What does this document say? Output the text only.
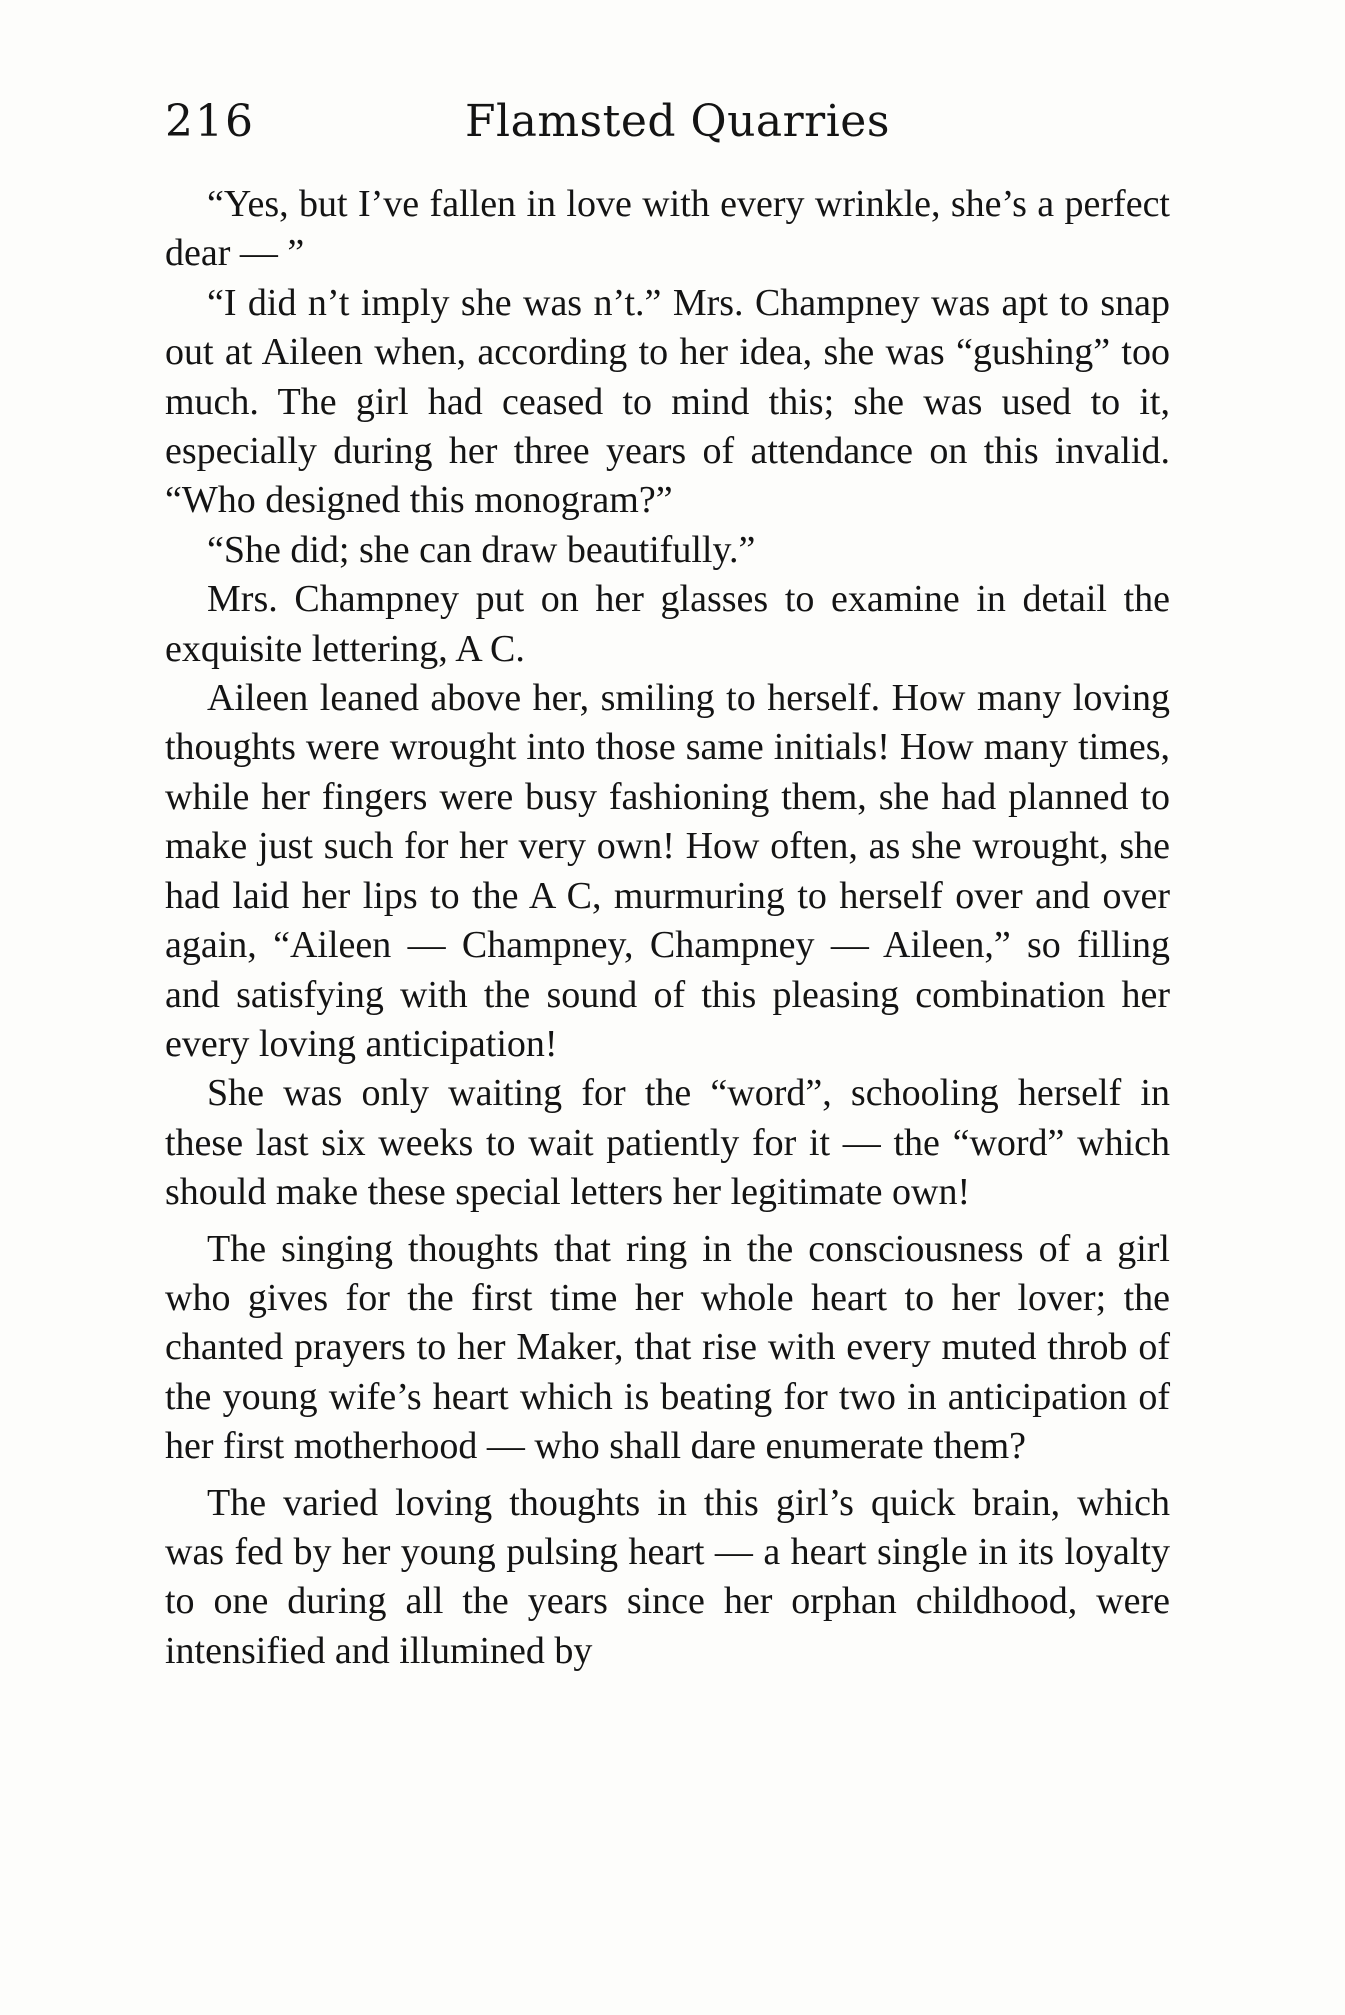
216	Flamsted Quarries

“Yes, but I’ve fallen in love with every wrinkle, she’s a perfect dear — ”

“I did n’t imply she was n’t.” Mrs. Champney was apt to snap out at Aileen when, according to her idea, she was “gushing” too much. The girl had ceased to mind this; she was used to it, especially during her three years of attendance on this invalid. “Who designed this monogram?”

“She did; she can draw beautifully.”

Mrs. Champney put on her glasses to examine in detail the exquisite lettering, A C.

Aileen leaned above her, smiling to herself. How many loving thoughts were wrought into those same initials! How many times, while her fingers were busy fashioning them, she had planned to make just such for her very own! How often, as she wrought, she had laid her lips to the A C, murmuring to herself over and over again, “Aileen — Champney, Champney — Aileen,” so filling and satisfying with the sound of this pleasing combination her every loving anticipation!

She was only waiting for the “word”, schooling herself in these last six weeks to wait patiently for it — the “word” which should make these special letters her legitimate own!

The singing thoughts that ring in the consciousness of a girl who gives for the first time her whole heart to her lover; the chanted prayers to her Maker, that rise with every muted throb of the young wife’s heart which is beating for two in anticipation of her first motherhood — who shall dare enumerate them?

The varied loving thoughts in this girl’s quick brain, which was fed by her young pulsing heart — a heart single in its loyalty to one during all the years since her orphan childhood, were intensified and illumined by
